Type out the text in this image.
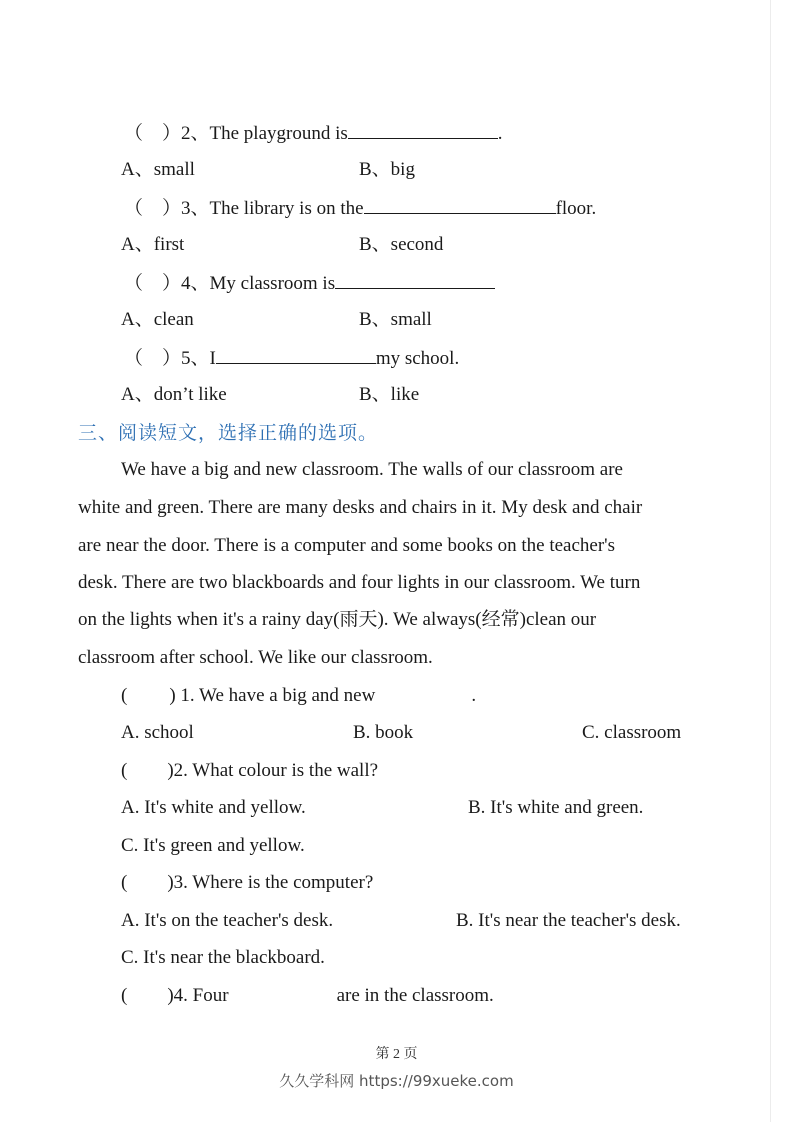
（　）2、The playground is	.
A、small	B、big
（　）3、The library is on the	floor.
A、first	B、second
（　）4、My classroom is
A、clean	B、small
（　）5、I	my school.
A、don’t like	B、like
三、阅读短文，选择正确的选项。
We have a big and new classroom. The walls of our classroom are
white and green. There are many desks and chairs in it. My desk and chair
are near the door. There is a computer and some books on the teacher's
desk. There are two blackboards and four lights in our classroom. We turn
on the lights when it's a rainy day(雨天). We always(经常)clean our
classroom after school. We like our classroom.
( ) 1. We have a big and new	.
A. school	B. book	C. classroom
( )2. What colour is the wall?
A. It's white and yellow.	B. It's white and green.
C. It's green and yellow.
( )3. Where is the computer?
A. It's on the teacher's desk.	B. It's near the teacher's desk.
C. It's near the blackboard.
( )4. Four	are in the classroom.
第 2 页
久久学科网 https://99xueke.com
